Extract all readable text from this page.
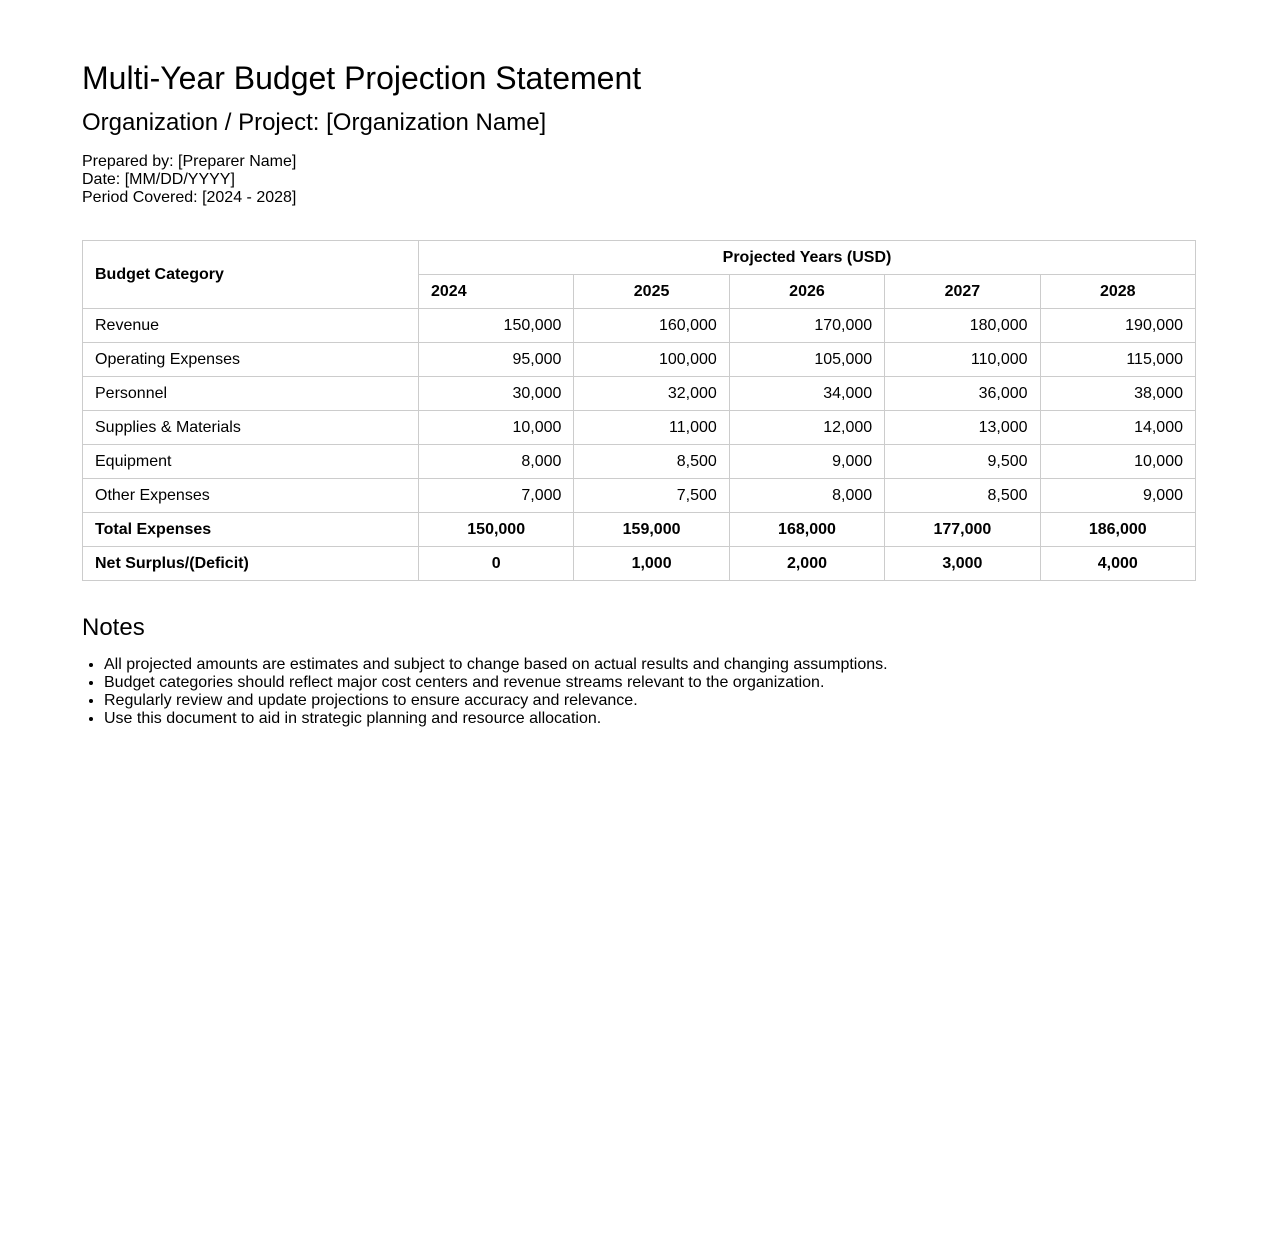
Multi-Year Budget Projection Statement
Organization / Project: [Organization Name]
Prepared by: [Preparer Name]
Date: [MM/DD/YYYY]
Period Covered: [2024 - 2028]
Budget Category	Projected Years (USD)				
	2024	2025	2026	2027	2028
Revenue	150,000	160,000	170,000	180,000	190,000
Operating Expenses	95,000	100,000	105,000	110,000	115,000
Personnel	30,000	32,000	34,000	36,000	38,000
Supplies & Materials	10,000	11,000	12,000	13,000	14,000
Equipment	8,000	8,500	9,000	9,500	10,000
Other Expenses	7,000	7,500	8,000	8,500	9,000
Total Expenses	150,000	159,000	168,000	177,000	186,000
Net Surplus/(Deficit)	0	1,000	2,000	3,000	4,000
Notes
• All projected amounts are estimates and subject to change based on actual results and changing assumptions.
• Budget categories should reflect major cost centers and revenue streams relevant to the organization.
• Regularly review and update projections to ensure accuracy and relevance.
• Use this document to aid in strategic planning and resource allocation.
